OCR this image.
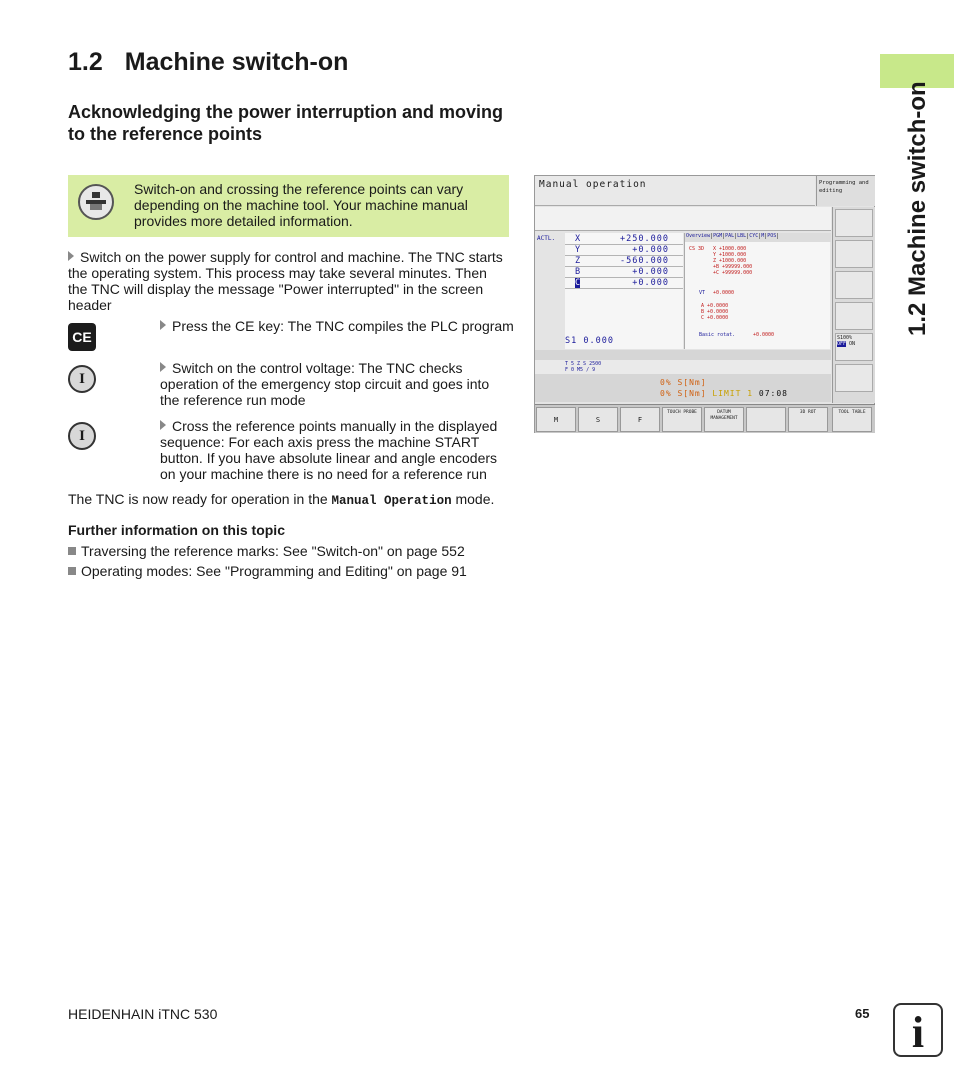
1.2 Machine switch-on
1.2 Machine switch-on
Acknowledging the power interruption and moving to the reference points
Switch-on and crossing the reference points can vary depending on the machine tool. Your machine manual provides more detailed information.
Switch on the power supply for control and machine. The TNC starts the operating system. This process may take several minutes. Then the TNC will display the message "Power interrupted" in the screen header
CE
Press the CE key: The TNC compiles the PLC program
I
Switch on the control voltage: The TNC checks operation of the emergency stop circuit and goes into the reference run mode
I
Cross the reference points manually in the displayed sequence: For each axis press the machine START button. If you have absolute linear and angle encoders on your machine there is no need for a reference run
The TNC is now ready for operation in the Manual Operation mode.
Further information on this topic
Traversing the reference marks: See "Switch-on" on page 552
Operating modes: See "Programming and Editing" on page 91
Manual operation	Programming and editing
ACTL. X	+250.000
Y	+0.000
Z	-560.000
B	+0.000
C	+0.000
S1 0.000
Overview PGM PAL LBL CYC M POS
CS 3D X +1000.000
Y +1000.000
Z +1000.000
+B +99999.000
+C +99999.000
VT +0.0000
A +0.0000
B +0.0000
C +0.0000
Basic rotat.	+0.0000
T 5 Z S 2500
F 0 M5 / 9
0% S[Nm]
0% S[Nm] LIMIT 1 07:08
S100%
OFF ON
M	S	F
TOUCH PROBE	DATUM MANAGEMENT
3D ROT	TOOL TABLE
HEIDENHAIN iTNC 530	65 i
